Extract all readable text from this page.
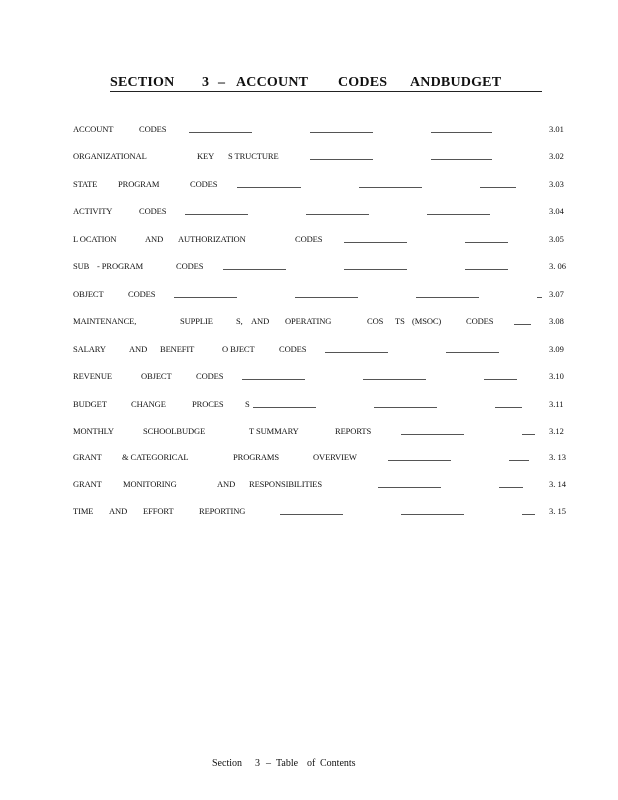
SECTION 3 – ACCOUNT CODES ANDBUDGET
ACCOUNT	CODES	3.01
ORGANIZATIONAL	KEY S TRUCTURE	3.02
STATE PROGRAM	CODES	3.03
ACTIVITY	CODES	3.04
L OCATION	AND AUTHORIZATION	CODES	3.05
SUB - PROGRAM	CODES	3. 06
OBJECT	CODES	3.07
MAINTENANCE,	SUPPLIE	S, AND OPERATING	COS TS (MSOC)	CODES	3.08
SALARY	AND BENEFIT	O BJECT	CODES	3.09
REVENUE	OBJECT	CODES	3.10
BUDGET	CHANGE	PROCES	S	3.11
MONTHLY	SCHOOLBUDGE	T SUMMARY	REPORTS	3.12
GRANT & CATEGORICAL	PROGRAMS	OVERVIEW	3. 13
GRANT MONITORING	AND RESPONSIBILITIES	3. 14
TIME AND EFFORT	REPORTING	3. 15
Section 3 – Table of Contents
